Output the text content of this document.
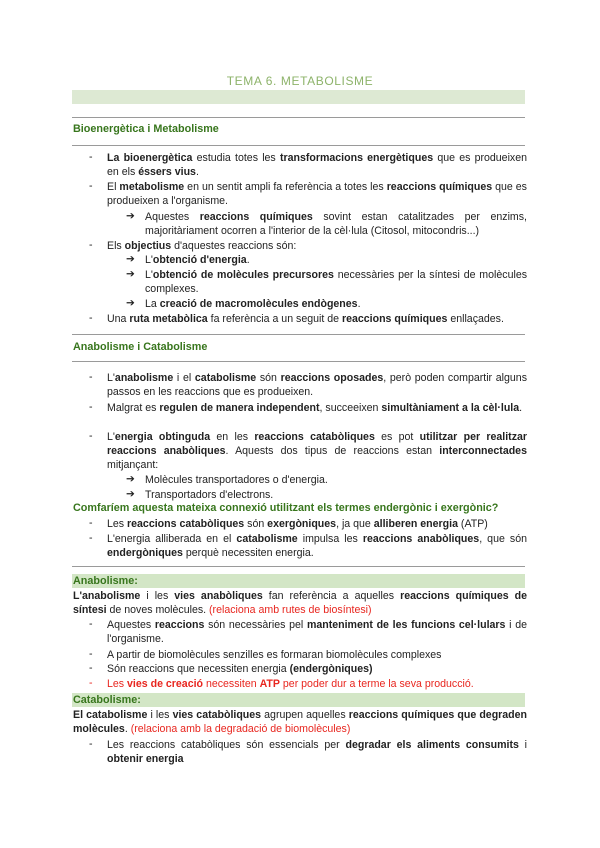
TEMA 6. METABOLISME
Bioenergètica i Metabolisme
- La bioenergètica estudia totes les transformacions energètiques que es produeixen en els éssers vius.
- El metabolisme en un sentit ampli fa referència a totes les reaccions químiques que es produeixen a l'organisme.
➔ Aquestes reaccions químiques sovint estan catalitzades per enzims, majoritàriament ocorren a l'interior de la cèl·lula (Citosol, mitocondris...)
- Els objectius d'aquestes reaccions són:
➔ L'obtenció d'energia.
➔ L'obtenció de molècules precursores necessàries per la síntesi de molècules complexes.
➔ La creació de macromolècules endògenes.
- Una ruta metabòlica fa referència a un seguit de reaccions químiques enllaçades.
Anabolisme i Catabolisme
- L'anabolisme i el catabolisme són reaccions oposades, però poden compartir alguns passos en les reaccions que es produeixen.
- Malgrat es regulen de manera independent, succeeixen simultàniament a la cèl·lula.
- L'energia obtinguda en les reaccions catabòliques es pot utilitzar per realitzar reaccions anabòliques. Aquests dos tipus de reaccions estan interconnectades mitjançant:
➔ Molècules transportadores o d'energia.
➔ Transportadors d'electrons.
Comfaríem aquesta mateixa connexió utilitzant els termes endergònic i exergònic?
- Les reaccions catabòliques són exergòniques, ja que alliberen energia (ATP)
- L'energia alliberada en el catabolisme impulsa les reaccions anabòliques, que són endergòniques perquè necessiten energia.
Anabolisme:
L'anabolisme i les vies anabòliques fan referència a aquelles reaccions químiques de síntesi de noves molècules. (relaciona amb rutes de biosíntesi)
- Aquestes reaccions són necessàries pel manteniment de les funcions cel·lulars i de l'organisme.
- A partir de biomolècules senzilles es formaran biomolècules complexes
- Són reaccions que necessiten energia (endergòniques)
- Les vies de creació necessiten ATP per poder dur a terme la seva producció.
Catabolisme:
El catabolisme i les vies catabòliques agrupen aquelles reaccions químiques que degraden molècules. (relaciona amb la degradació de biomolècules)
- Les reaccions catabòliques són essencials per degradar els aliments consumits i obtenir energia
